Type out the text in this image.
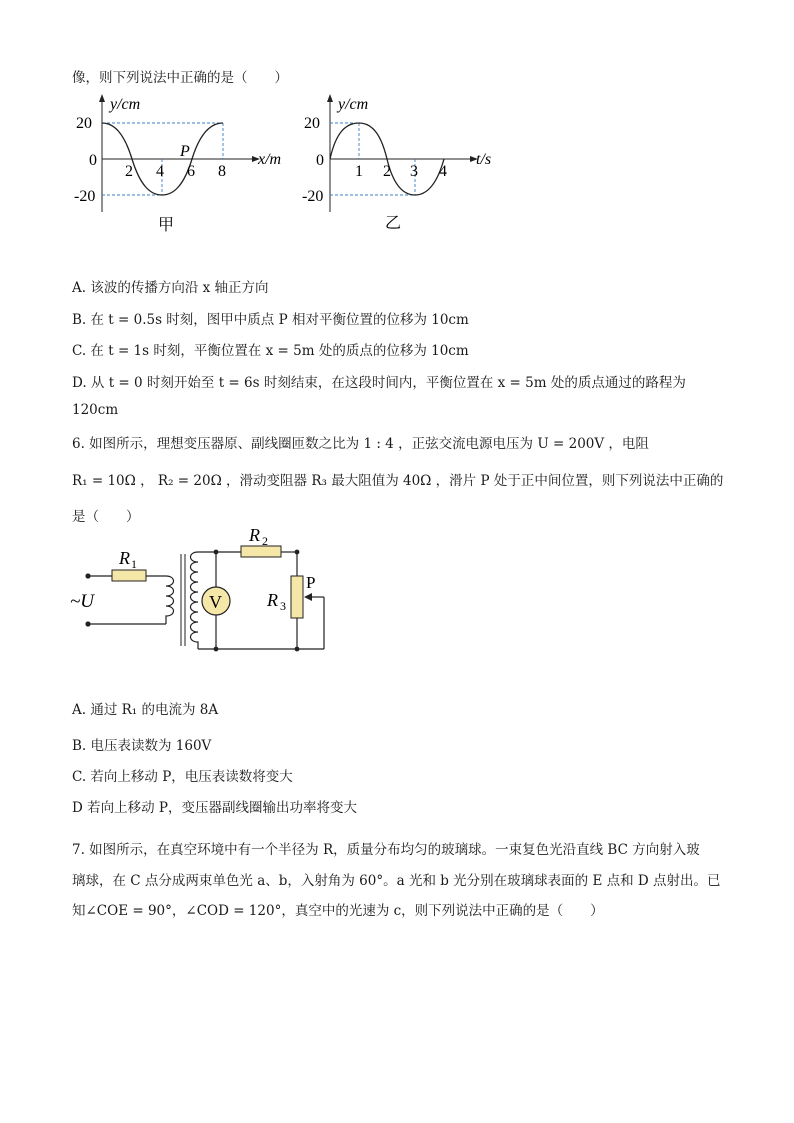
像，则下列说法中正确的是（　　）
y/cm
x/m
20
0
-20
2 4 6 8
P
甲
y/cm
t/s
20
0
-20
1 2 3 4
乙
A. 该波的传播方向沿 x 轴正方向
B. 在 t = 0.5s 时刻，图甲中质点 P 相对平衡位置的位移为 10cm
C. 在 t = 1s 时刻，平衡位置在 x = 5m 处的质点的位移为 10cm
D. 从 t = 0 时刻开始至 t = 6s 时刻结束，在这段时间内，平衡位置在 x = 5m 处的质点通过的路程为
120cm
6. 如图所示，理想变压器原、副线圈匝数之比为 1 : 4 ，正弦交流电源电压为 U = 200V ，电阻
R₁ = 10Ω ， R₂ = 20Ω ，滑动变阻器 R₃ 最大阻值为 40Ω ，滑片 P 处于正中间位置，则下列说法中正确的
是（　　）
~U
R 1
R 2
V	R 3
P
A. 通过 R₁ 的电流为 8A
B. 电压表读数为 160V
C. 若向上移动 P，电压表读数将变大
D 若向上移动 P，变压器副线圈输出功率将变大
7. 如图所示，在真空环境中有一个半径为 R，质量分布均匀的玻璃球。一束复色光沿直线 BC 方向射入玻
璃球，在 C 点分成两束单色光 a、b，入射角为 60°。a 光和 b 光分别在玻璃球表面的 E 点和 D 点射出。已
知∠COE = 90°，∠COD = 120°，真空中的光速为 c，则下列说法中正确的是（　　）
